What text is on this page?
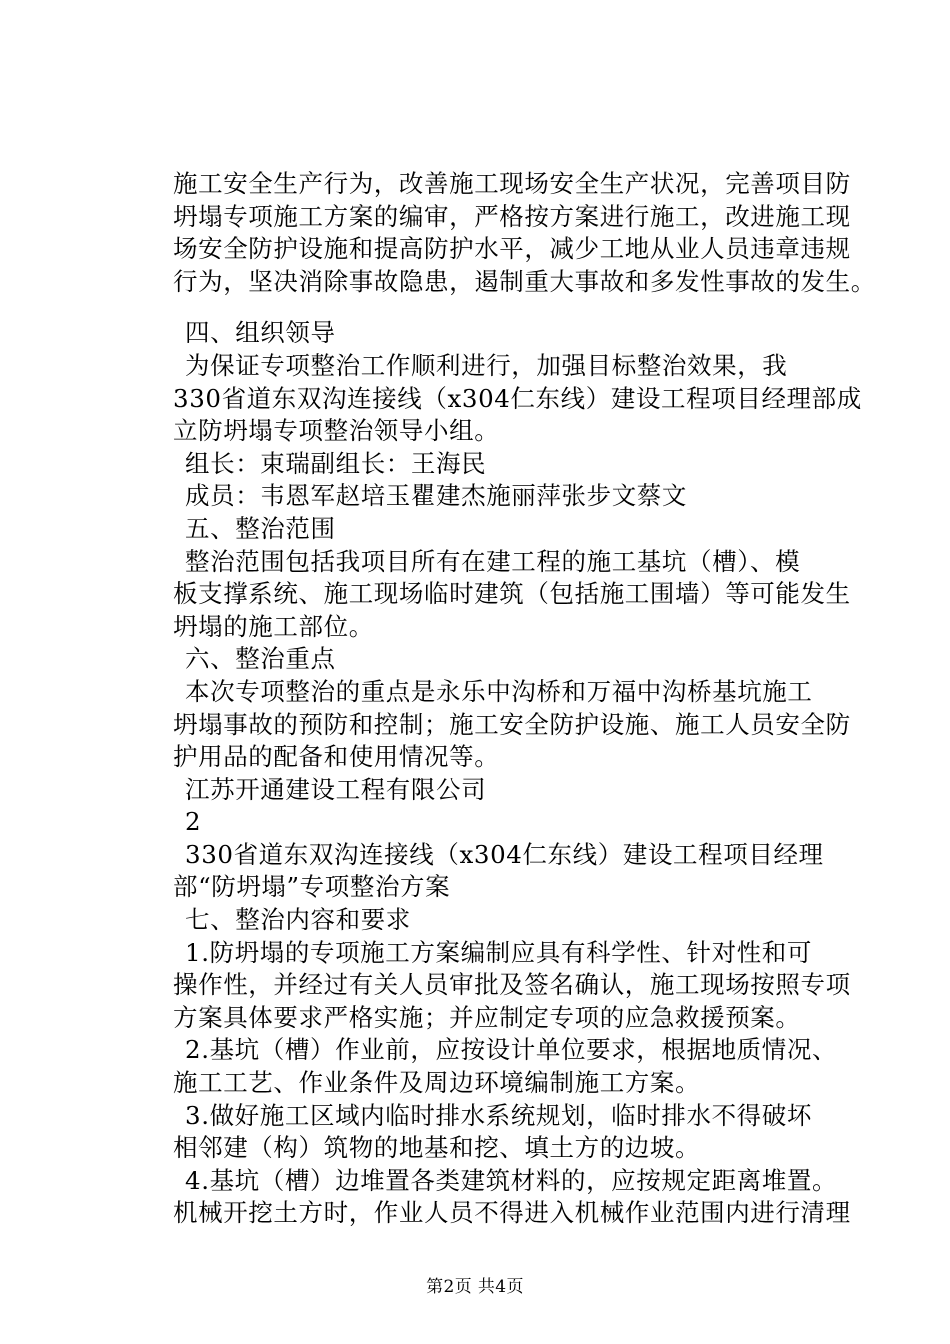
施工安全生产行为，改善施工现场安全生产状况，完善项目防
坍塌专项施工方案的编审，严格按方案进行施工，改进施工现
场安全防护设施和提高防护水平，减少工地从业人员违章违规
行为，坚决消除事故隐患，遏制重大事故和多发性事故的发生。
四、组织领导
为保证专项整治工作顺利进行，加强目标整治效果，我
330省道东双沟连接线（x304仁东线）建设工程项目经理部成
立防坍塌专项整治领导小组。
组长：束瑞副组长：王海民
成员：韦恩军赵培玉瞿建杰施丽萍张步文蔡文
五、整治范围
整治范围包括我项目所有在建工程的施工基坑（槽）、模
板支撑系统、施工现场临时建筑（包括施工围墙）等可能发生
坍塌的施工部位。
六、整治重点
本次专项整治的重点是永乐中沟桥和万福中沟桥基坑施工
坍塌事故的预防和控制；施工安全防护设施、施工人员安全防
护用品的配备和使用情况等。
江苏开通建设工程有限公司
2
330省道东双沟连接线（x304仁东线）建设工程项目经理
部“防坍塌”专项整治方案
七、整治内容和要求
1.防坍塌的专项施工方案编制应具有科学性、针对性和可
操作性，并经过有关人员审批及签名确认，施工现场按照专项
方案具体要求严格实施；并应制定专项的应急救援预案。
2.基坑（槽）作业前，应按设计单位要求，根据地质情况、
施工工艺、作业条件及周边环境编制施工方案。
3.做好施工区域内临时排水系统规划，临时排水不得破坏
相邻建（构）筑物的地基和挖、填土方的边坡。
4.基坑（槽）边堆置各类建筑材料的，应按规定距离堆置。
机械开挖土方时，作业人员不得进入机械作业范围内进行清理
第2页 共4页
